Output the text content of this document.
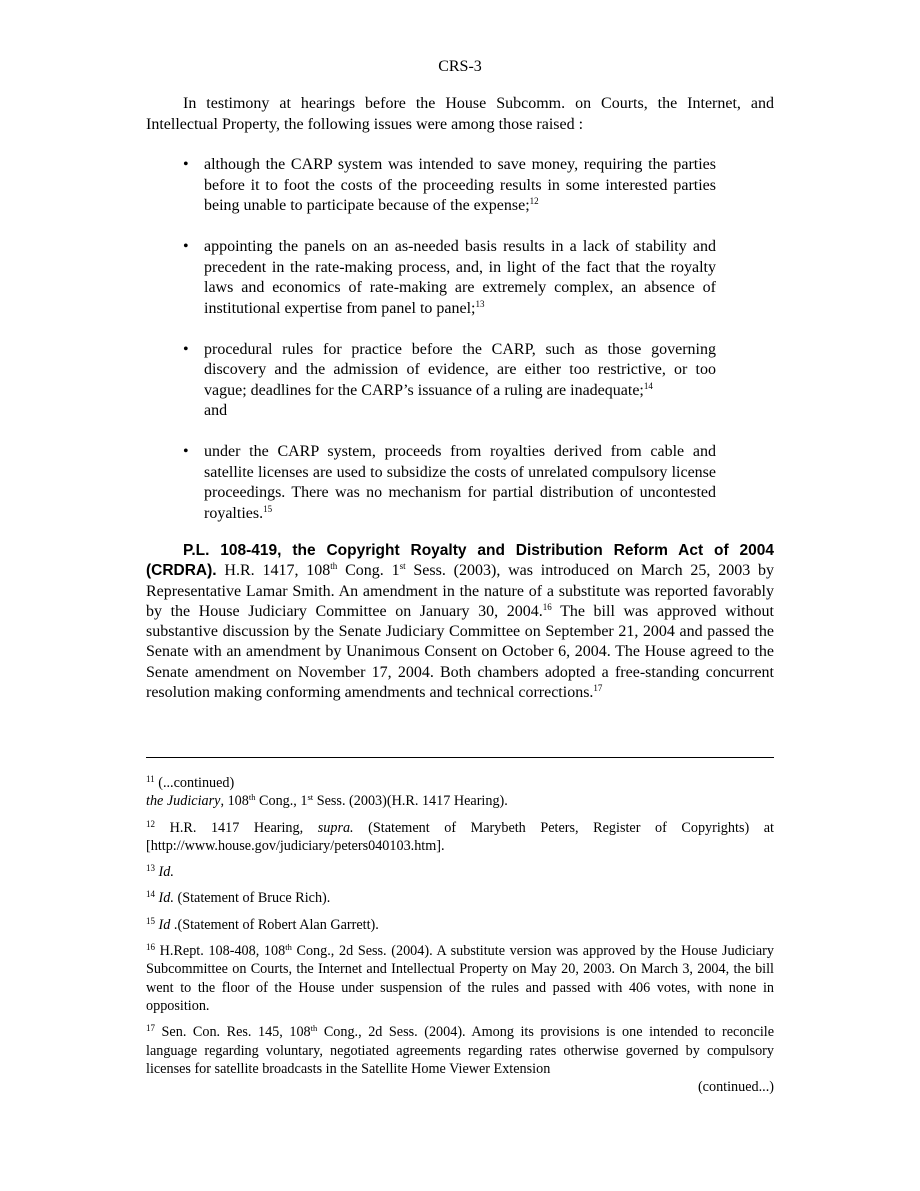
CRS-3

In testimony at hearings before the House Subcomm. on Courts, the Internet, and Intellectual Property, the following issues were among those raised :

• although the CARP system was intended to save money, requiring the parties before it to foot the costs of the proceeding results in some interested parties being unable to participate because of the expense;$^{12}$
• appointing the panels on an as-needed basis results in a lack of stability and precedent in the rate-making process, and, in light of the fact that the royalty laws and economics of rate-making are extremely complex, an absence of institutional expertise from panel to panel;$^{13}$
• procedural rules for practice before the CARP, such as those governing discovery and the admission of evidence, are either too restrictive, or too vague; deadlines for the CARP’s issuance of a ruling are inadequate;$^{14}$
and
• under the CARP system, proceeds from royalties derived from cable and satellite licenses are used to subsidize the costs of unrelated compulsory license proceedings. There was no mechanism for partial distribution of uncontested royalties.$^{15}$

P.L. 108-419, the Copyright Royalty and Distribution Reform Act of 2004 (CRDRA). H.R. 1417, 108th Cong. 1st Sess. (2003), was introduced on March 25, 2003 by Representative Lamar Smith. An amendment in the nature of a substitute was reported favorably by the House Judiciary Committee on January 30, 2004.16 The bill was approved without substantive discussion by the Senate Judiciary Committee on September 21, 2004 and passed the Senate with an amendment by Unanimous Consent on October 6, 2004. The House agreed to the Senate amendment on November 17, 2004. Both chambers adopted a free-standing concurrent resolution making conforming amendments and technical corrections.$^{17}$

$^{11}$ (...continued)
the Judiciary, 108th Cong., 1st Sess. (2003)(H.R. 1417 Hearing).

$^{12}$ H.R. 1417 Hearing, supra. (Statement of Marybeth Peters, Register of Copyrights) at [http://www.house.gov/judiciary/peters040103.htm].

$^{13}$ Id.

$^{14}$ Id. (Statement of Bruce Rich).

$^{15}$ Id .(Statement of Robert Alan Garrett).

$^{16}$ H.Rept. 108-408, 108th Cong., 2d Sess. (2004). A substitute version was approved by the House Judiciary Subcommittee on Courts, the Internet and Intellectual Property on May 20, 2003. On March 3, 2004, the bill went to the floor of the House under suspension of the rules and passed with 406 votes, with none in opposition.

$^{17}$ Sen. Con. Res. 145, 108th Cong., 2d Sess. (2004). Among its provisions is one intended to reconcile language regarding voluntary, negotiated agreements regarding rates otherwise governed by compulsory licenses for satellite broadcasts in the Satellite Home Viewer Extension

(continued...)
